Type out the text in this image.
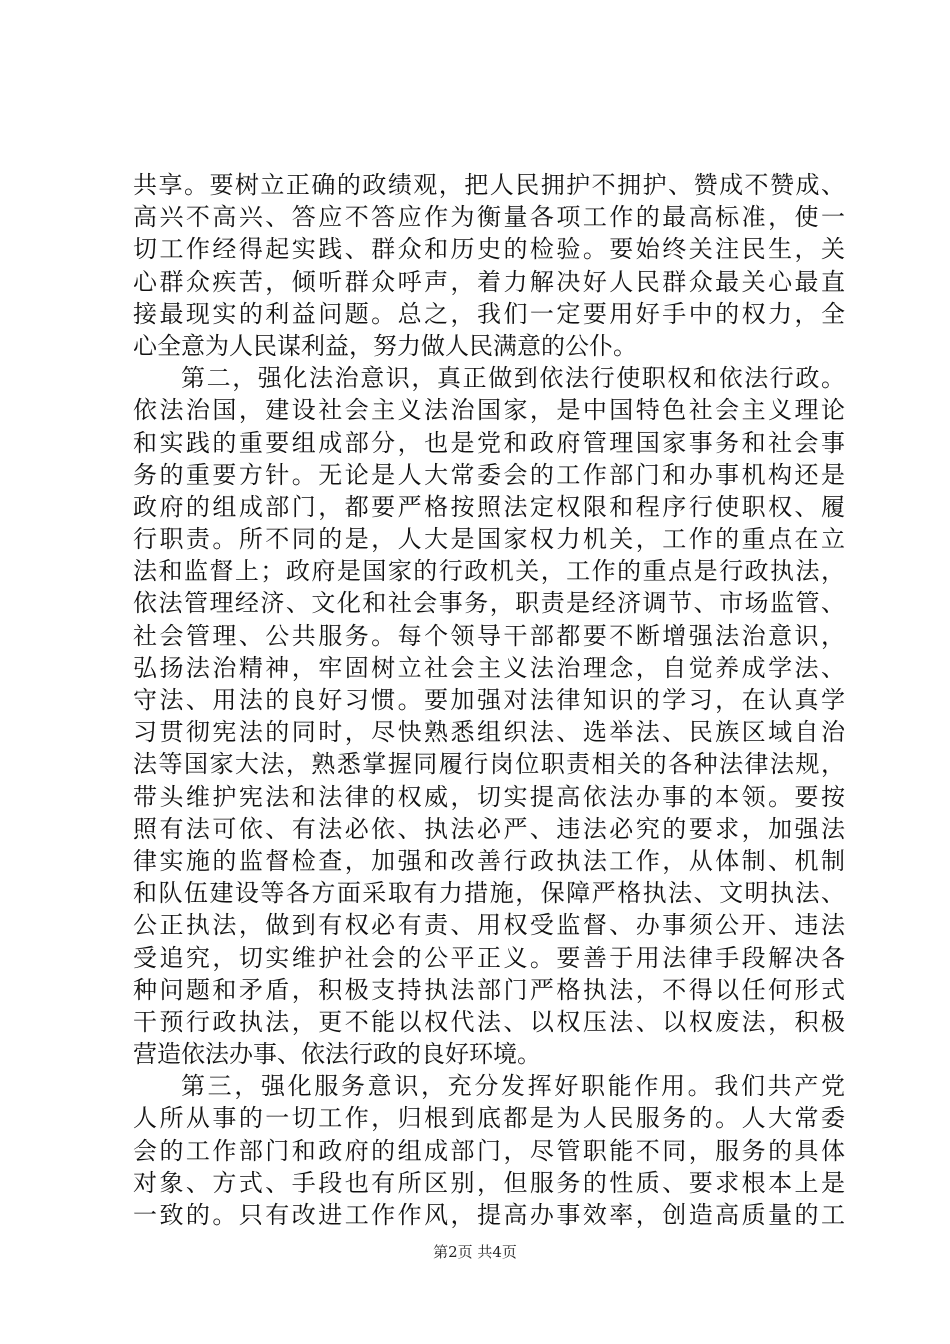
共享。要树立正确的政绩观，把人民拥护不拥护、赞成不赞成、
高兴不高兴、答应不答应作为衡量各项工作的最高标准，使一
切工作经得起实践、群众和历史的检验。要始终关注民生，关
心群众疾苦，倾听群众呼声，着力解决好人民群众最关心最直
接最现实的利益问题。总之，我们一定要用好手中的权力，全
心全意为人民谋利益，努力做人民满意的公仆。
第二，强化法治意识，真正做到依法行使职权和依法行政。
依法治国，建设社会主义法治国家，是中国特色社会主义理论
和实践的重要组成部分，也是党和政府管理国家事务和社会事
务的重要方针。无论是人大常委会的工作部门和办事机构还是
政府的组成部门，都要严格按照法定权限和程序行使职权、履
行职责。所不同的是，人大是国家权力机关，工作的重点在立
法和监督上；政府是国家的行政机关，工作的重点是行政执法，
依法管理经济、文化和社会事务，职责是经济调节、市场监管、
社会管理、公共服务。每个领导干部都要不断增强法治意识，
弘扬法治精神，牢固树立社会主义法治理念，自觉养成学法、
守法、用法的良好习惯。要加强对法律知识的学习，在认真学
习贯彻宪法的同时，尽快熟悉组织法、选举法、民族区域自治
法等国家大法，熟悉掌握同履行岗位职责相关的各种法律法规，
带头维护宪法和法律的权威，切实提高依法办事的本领。要按
照有法可依、有法必依、执法必严、违法必究的要求，加强法
律实施的监督检查，加强和改善行政执法工作，从体制、机制
和队伍建设等各方面采取有力措施，保障严格执法、文明执法、
公正执法，做到有权必有责、用权受监督、办事须公开、违法
受追究，切实维护社会的公平正义。要善于用法律手段解决各
种问题和矛盾，积极支持执法部门严格执法，不得以任何形式
干预行政执法，更不能以权代法、以权压法、以权废法，积极
营造依法办事、依法行政的良好环境。
第三，强化服务意识，充分发挥好职能作用。我们共产党
人所从事的一切工作，归根到底都是为人民服务的。人大常委
会的工作部门和政府的组成部门，尽管职能不同，服务的具体
对象、方式、手段也有所区别，但服务的性质、要求根本上是
一致的。只有改进工作作风，提高办事效率，创造高质量的工
第2页 共4页
